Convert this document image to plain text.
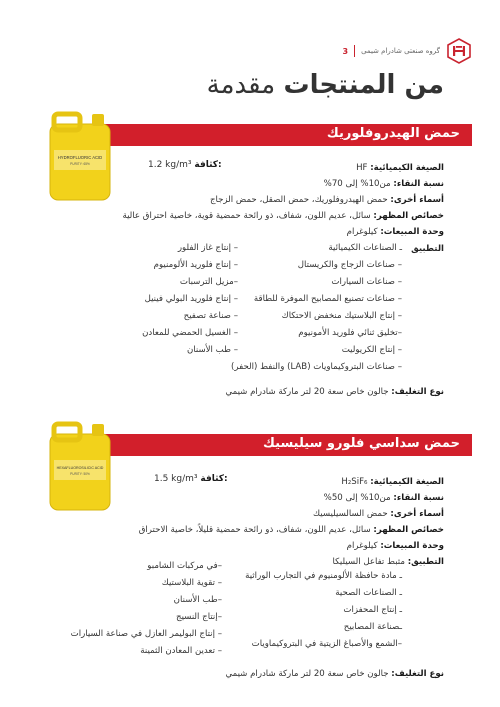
گروه صنعتی شادرام شیمی
3
من المنتجات مقدمة
حمض الهيدروفلوريك
HYDROFLUORIC ACID
PURITY: 65%	1.2 kg/m³ كثافة:	الصيغة الكيميائية: HF
نسبة النقاء: من10% إلى 70%
أسماء أخرى: حمض الهيدروفلوريك، حمض الصقل، حمض الزجاج
خصائص المظهر: سائل، عديم اللون، شفاف، ذو رائحة حمضية قوية، خاصية احتراق عالية
وحدة المبيعات: كيلوغرام
التطبيق
ـ الصناعات الكيميائية
– صناعات الزجاج والكريستال
– صناعات السيارات
– صناعات تصنيع المصابيح الموفرة للطاقة
– إنتاج البلاستيك منخفض الاحتكاك
–تخليق ثنائي فلوريد الأمونيوم
– إنتاج الكريوليت
– صناعات البتروكيماويات (LAB) والنفط (الحفر)
– إنتاج غاز الفلور
– إنتاج فلوريد الألومنيوم
–مزيل الترسبات
– إنتاج فلوريد البولي فينيل
– صناعة تصفيح
– الغسيل الحمضي للمعادن
– طب الأسنان
نوع التغليف: جالون خاص سعة 20 لتر ماركة شادرام شيمي
حمض سداسي فلورو سيليسيك
HEXAFLUOROSILICIC ACID
PURITY: 50%	1.5 kg/m³ كثافة:	الصيغة الكيميائية: H₂SiF₆
نسبة النقاء: من10% إلى 50%
أسماء أخرى: حمض السالسيليسيك
خصائص المظهر: سائل، عديم اللون، شفاف، ذو رائحة حمضية قليلاً، خاصية الاحتراق
وحدة المبيعات: كيلوغرام
التطبيق: مثبط تفاعل السيليكا
ـ مادة حافظة الألومنيوم في التجارب الوراثية
ـ الصناعات الصحية
ـ إنتاج المحفزات
ـصناعة المصابيح
–الشمع والأصباغ الزيتية في البتروكيماويات
–في مركبات الشامبو
– تقوية البلاستيك
–طب الأسنان
–إنتاج النسيج
– إنتاج البوليمر العازل في صناعة السيارات
– تعدين المعادن الثمينة
نوع التغليف: جالون خاص سعة 20 لتر ماركة شادرام شيمي
